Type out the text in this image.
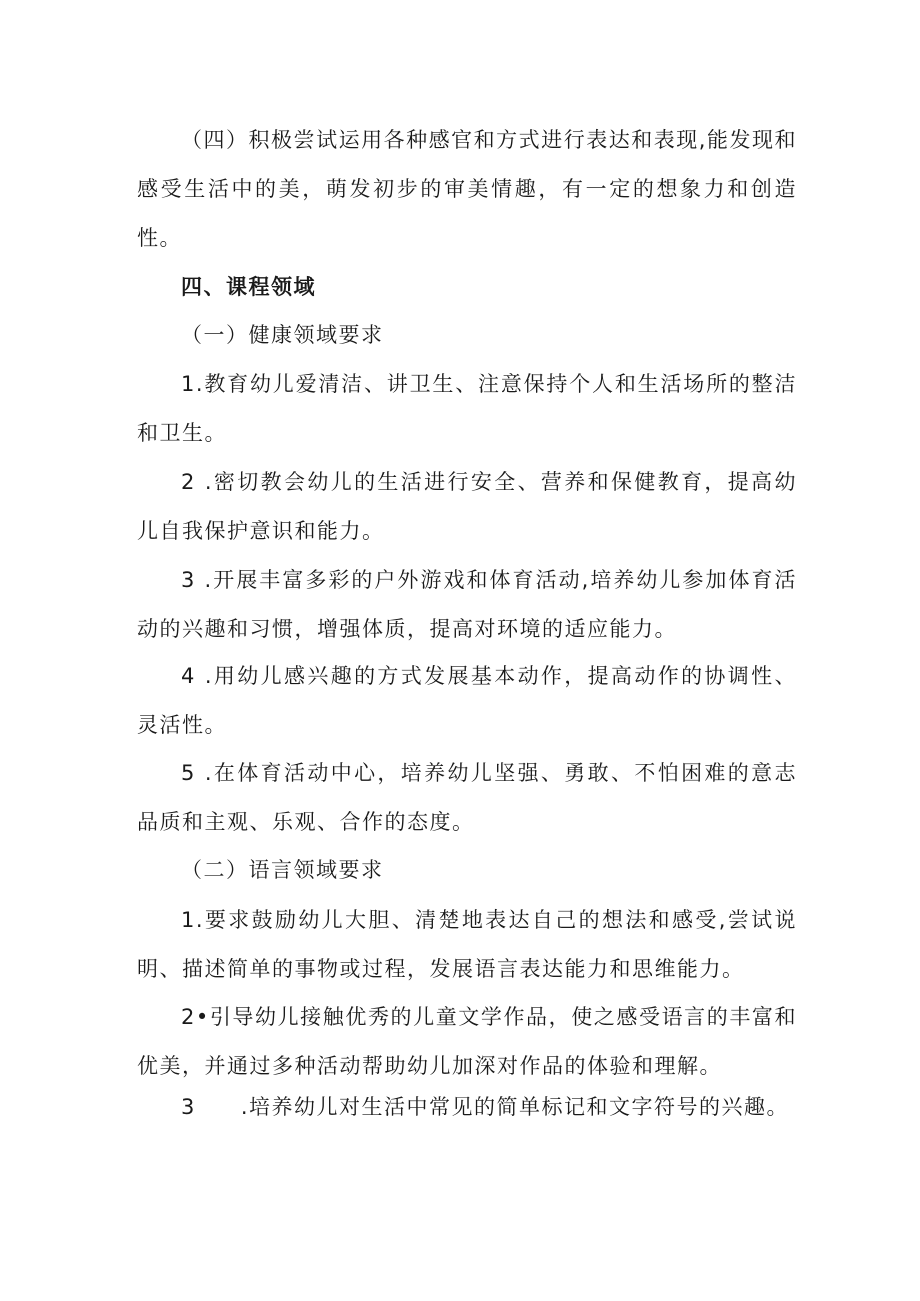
（四）积极尝试运用各种感官和方式进行表达和表现,能发现和感受生活中的美，萌发初步的审美情趣，有一定的想象力和创造性。

四、课程领域

（一）健康领域要求

1.教育幼儿爱清洁、讲卫生、注意保持个人和生活场所的整洁和卫生。

2 .密切教会幼儿的生活进行安全、营养和保健教育，提高幼儿自我保护意识和能力。

3 .开展丰富多彩的户外游戏和体育活动,培养幼儿参加体育活动的兴趣和习惯，增强体质，提高对环境的适应能力。

4 .用幼儿感兴趣的方式发展基本动作，提高动作的协调性、灵活性。

5 .在体育活动中心，培养幼儿坚强、勇敢、不怕困难的意志品质和主观、乐观、合作的态度。

（二）语言领域要求

1.要求鼓励幼儿大胆、清楚地表达自己的想法和感受,尝试说明、描述简单的事物或过程，发展语言表达能力和思维能力。

2•引导幼儿接触优秀的儿童文学作品，使之感受语言的丰富和优美，并通过多种活动帮助幼儿加深对作品的体验和理解。

3　　.培养幼儿对生活中常见的简单标记和文字符号的兴趣。
